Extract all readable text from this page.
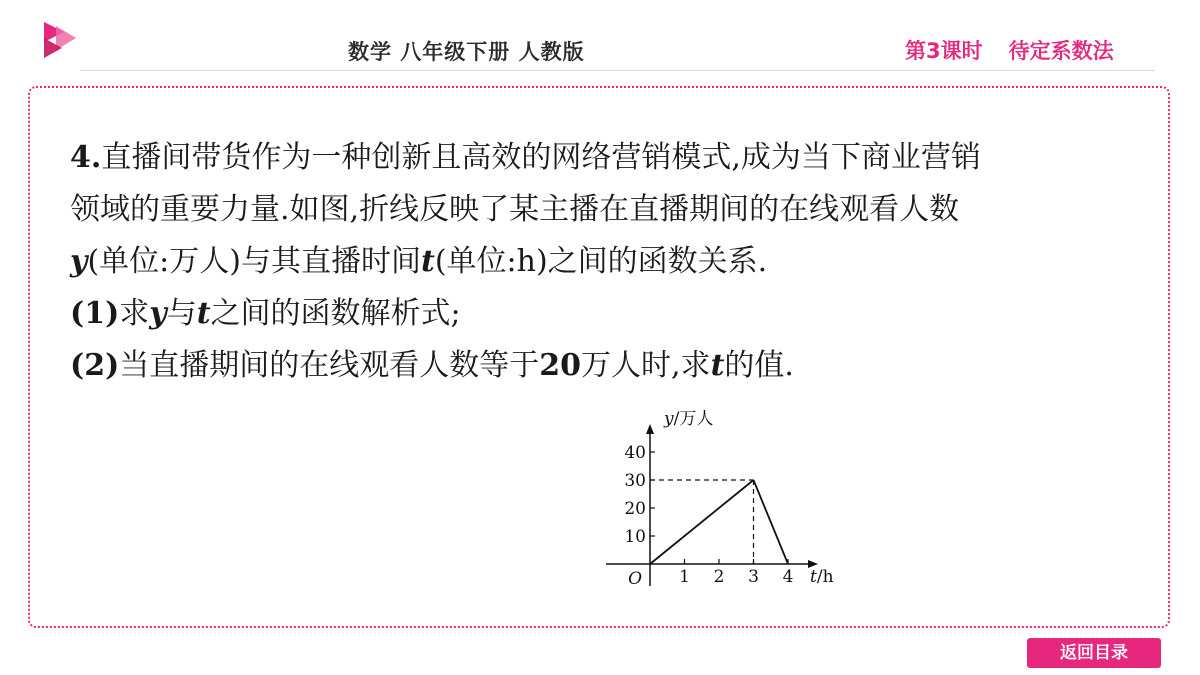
数学 八年级下册 人教版	第3课时 待定系数法

4.直播间带货作为一种创新且高效的网络营销模式,成为当下商业营销

领域的重要力量.如图,折线反映了某主播在直播期间的在线观看人数

y(单位:万人)与其直播时间t(单位:h)之间的函数关系.

(1)求y与t之间的函数解析式;

(2)当直播期间的在线观看人数等于20万人时,求t的值.

10
20
30
40
1 2 3 4
O
y/万人
t/h
返回目录
